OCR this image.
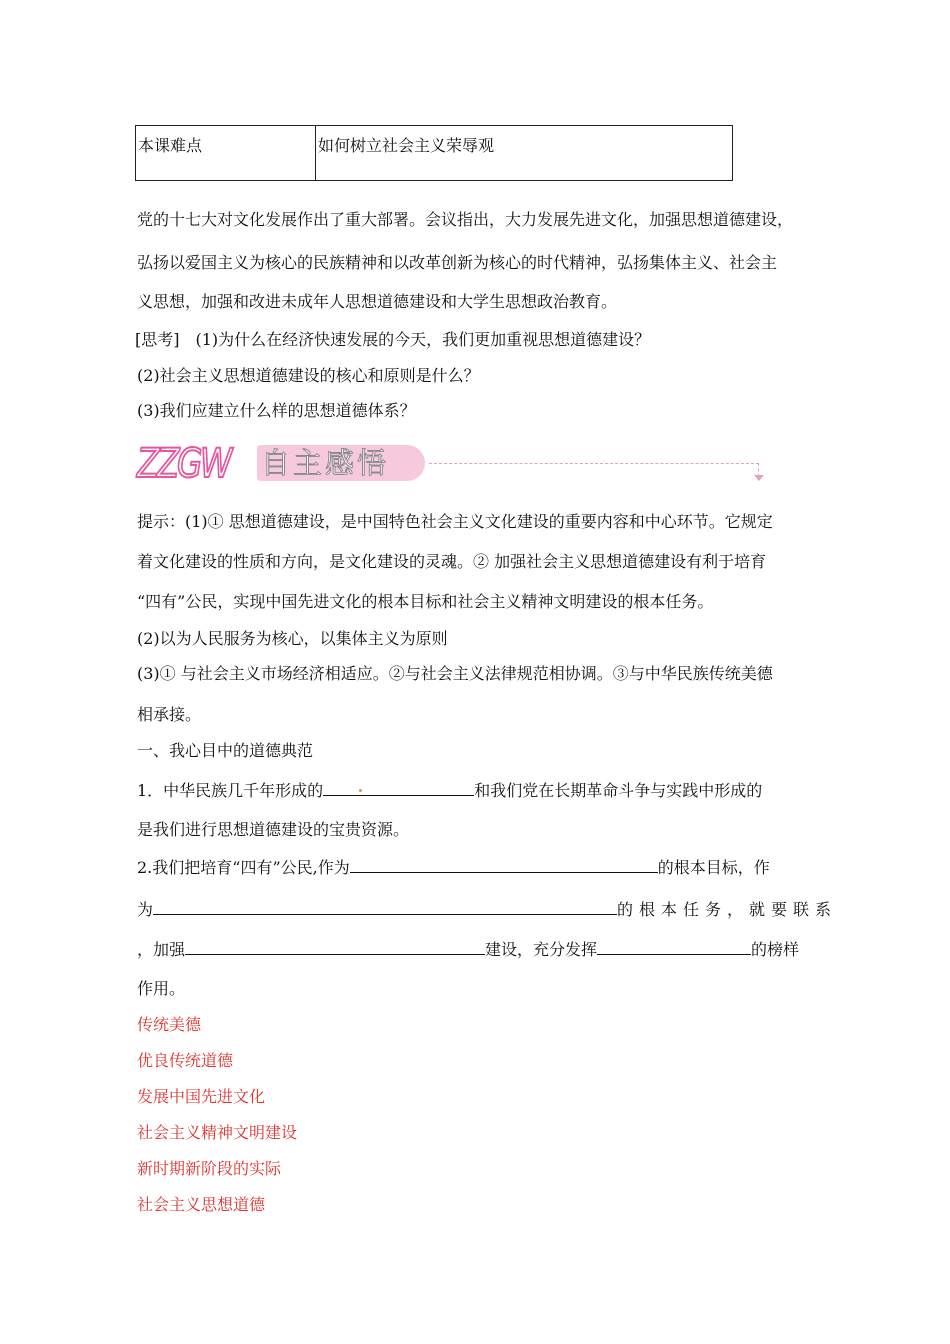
本课难点	如何树立社会主义荣辱观
党的十七大对文化发展作出了重大部署。会议指出，大力发展先进文化，加强思想道德建设，
弘扬以爱国主义为核心的民族精神和以改革创新为核心的时代精神，弘扬集体主义、社会主
义思想，加强和改进未成年人思想道德建设和大学生思想政治教育。
[思考]　(1)为什么在经济快速发展的今天，我们更加重视思想道德建设？
(2)社会主义思想道德建设的核心和原则是什么？
(3)我们应建立什么样的思想道德体系？
ZZGW 自主感悟
提示：(1)① 思想道德建设，是中国特色社会主义文化建设的重要内容和中心环节。它规定
着文化建设的性质和方向，是文化建设的灵魂。② 加强社会主义思想道德建设有利于培育
“四有”公民，实现中国先进文化的根本目标和社会主义精神文明建设的根本任务。
(2)以为人民服务为核心，以集体主义为原则
(3)① 与社会主义市场经济相适应。②与社会主义法律规范相协调。③与中华民族传统美德
相承接。
一、我心目中的道德典范
1．中华民族几千年形成的	和我们党在长期革命斗争与实践中形成的
是我们进行思想道德建设的宝贵资源。
2.我们把培育“四有”公民,作为	的根本目标，作
为	的根本任务，就要联系
，加强	建设，充分发挥	的榜样
作用。
传统美德
优良传统道德
发展中国先进文化
社会主义精神文明建设
新时期新阶段的实际
社会主义思想道德
